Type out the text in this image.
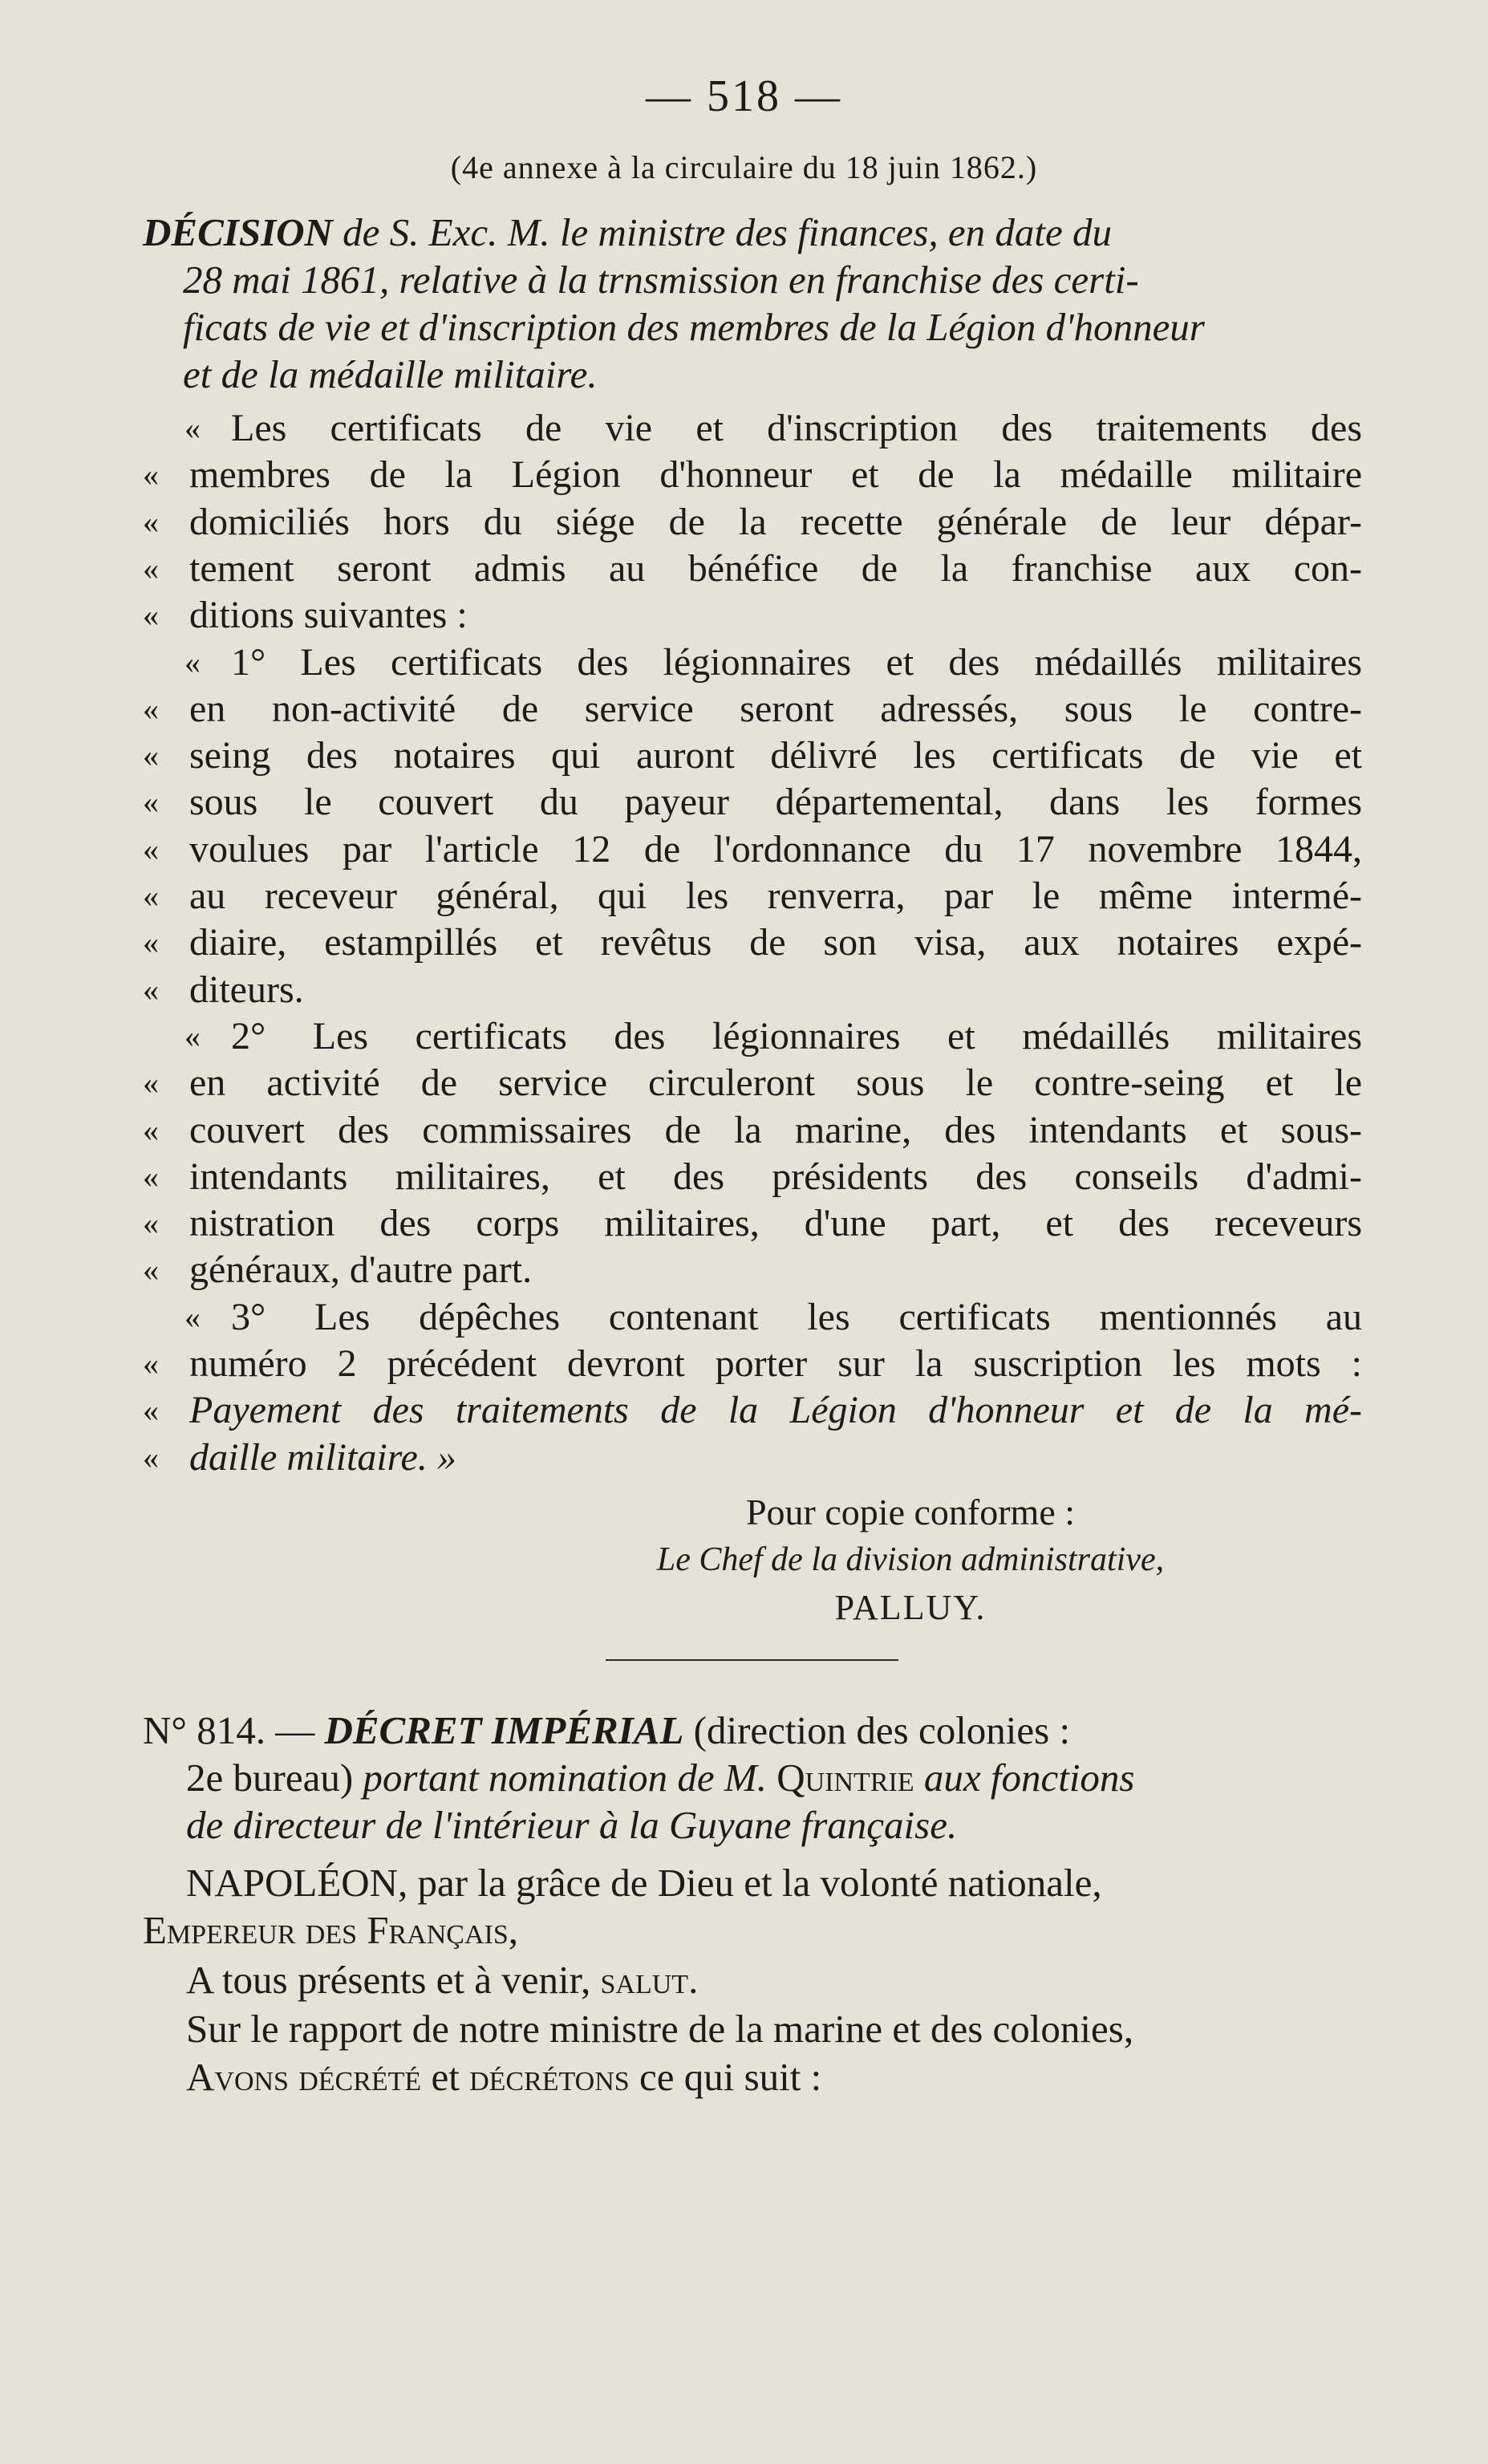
— 518 —
(4e annexe à la circulaire du 18 juin 1862.)
DÉCISION de S. Exc. M. le ministre des finances, en date du
28 mai 1861, relative à la trnsmission en franchise des certi-
ficats de vie et d'inscription des membres de la Légion d'honneur
et de la médaille militaire.
« Les certificats de vie et d'inscription des traitements des
« membres de la Légion d'honneur et de la médaille militaire
« domiciliés hors du siége de la recette générale de leur dépar-
« tement seront admis au bénéfice de la franchise aux con-
« ditions suivantes :
« 1° Les certificats des légionnaires et des médaillés militaires
« en non-activité de service seront adressés, sous le contre-
« seing des notaires qui auront délivré les certificats de vie et
« sous le couvert du payeur départemental, dans les formes
« voulues par l'article 12 de l'ordonnance du 17 novembre 1844,
« au receveur général, qui les renverra, par le même intermé-
« diaire, estampillés et revêtus de son visa, aux notaires expé-
« diteurs.
« 2° Les certificats des légionnaires et médaillés militaires
« en activité de service circuleront sous le contre-seing et le
« couvert des commissaires de la marine, des intendants et sous-
« intendants militaires, et des présidents des conseils d'admi-
« nistration des corps militaires, d'une part, et des receveurs
« généraux, d'autre part.
« 3° Les dépêches contenant les certificats mentionnés au
« numéro 2 précédent devront porter sur la suscription les mots :
« Payement des traitements de la Légion d'honneur et de la mé-
« daille militaire. »
Pour copie conforme :
Le Chef de la division administrative,
PALLUY.
N° 814. — DÉCRET IMPÉRIAL (direction des colonies :
2e bureau) portant nomination de M. Quintrie aux fonctions
de directeur de l'intérieur à la Guyane française.
NAPOLÉON, par la grâce de Dieu et la volonté nationale,
Empereur des Français,
A tous présents et à venir, salut.
Sur le rapport de notre ministre de la marine et des colonies,
Avons décrété et décrétons ce qui suit :
